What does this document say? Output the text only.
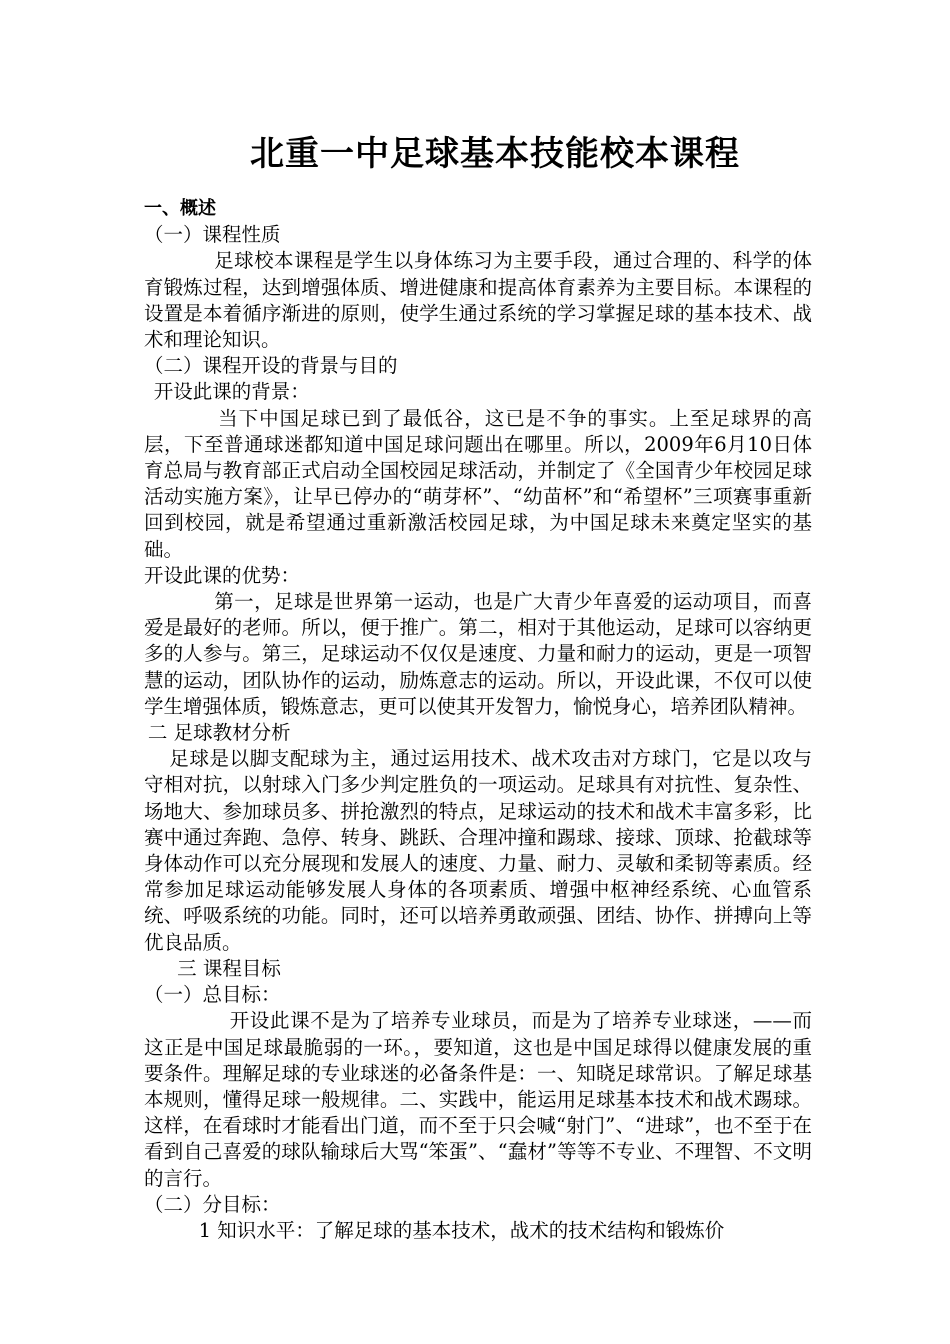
北重一中足球基本技能校本课程

一、概述

（一）课程性质

足球校本课程是学生以身体练习为主要手段，通过合理的、科学的体育锻炼过程，达到增强体质、增进健康和提高体育素养为主要目标。本课程的设置是本着循序渐进的原则，使学生通过系统的学习掌握足球的基本技术、战术和理论知识。

（二）课程开设的背景与目的

开设此课的背景：

当下中国足球已到了最低谷，这已是不争的事实。上至足球界的高层，下至普通球迷都知道中国足球问题出在哪里。所以，2009年6月10日体育总局与教育部正式启动全国校园足球活动，并制定了《全国青少年校园足球活动实施方案》，让早已停办的“萌芽杯”、“幼苗杯”和“希望杯”三项赛事重新回到校园，就是希望通过重新激活校园足球，为中国足球未来奠定坚实的基础。

开设此课的优势：

第一，足球是世界第一运动，也是广大青少年喜爱的运动项目，而喜爱是最好的老师。所以，便于推广。第二，相对于其他运动，足球可以容纳更多的人参与。第三，足球运动不仅仅是速度、力量和耐力的运动，更是一项智慧的运动，团队协作的运动，励炼意志的运动。所以，开设此课，不仅可以使学生增强体质，锻炼意志，更可以使其开发智力，愉悦身心，培养团队精神。

二 足球教材分析

足球是以脚支配球为主，通过运用技术、战术攻击对方球门，它是以攻与守相对抗，以射球入门多少判定胜负的一项运动。足球具有对抗性、复杂性、场地大、参加球员多、拼抢激烈的特点，足球运动的技术和战术丰富多彩，比赛中通过奔跑、急停、转身、跳跃、合理冲撞和踢球、接球、顶球、抢截球等身体动作可以充分展现和发展人的速度、力量、耐力、灵敏和柔韧等素质。经常参加足球运动能够发展人身体的各项素质、增强中枢神经系统、心血管系统、呼吸系统的功能。同时，还可以培养勇敢顽强、团结、协作、拼搏向上等优良品质。

三 课程目标

（一）总目标：

开设此课不是为了培养专业球员，而是为了培养专业球迷，——而这正是中国足球最脆弱的一环。，要知道，这也是中国足球得以健康发展的重要条件。理解足球的专业球迷的必备条件是：一、知晓足球常识。了解足球基本规则，懂得足球一般规律。二、实践中，能运用足球基本技术和战术踢球。这样，在看球时才能看出门道，而不至于只会喊“射门”、“进球”，也不至于在看到自己喜爱的球队输球后大骂“笨蛋”、“蠢材”等等不专业、不理智、不文明的言行。

（二）分目标：

1 知识水平：了解足球的基本技术，战术的技术结构和锻炼价
